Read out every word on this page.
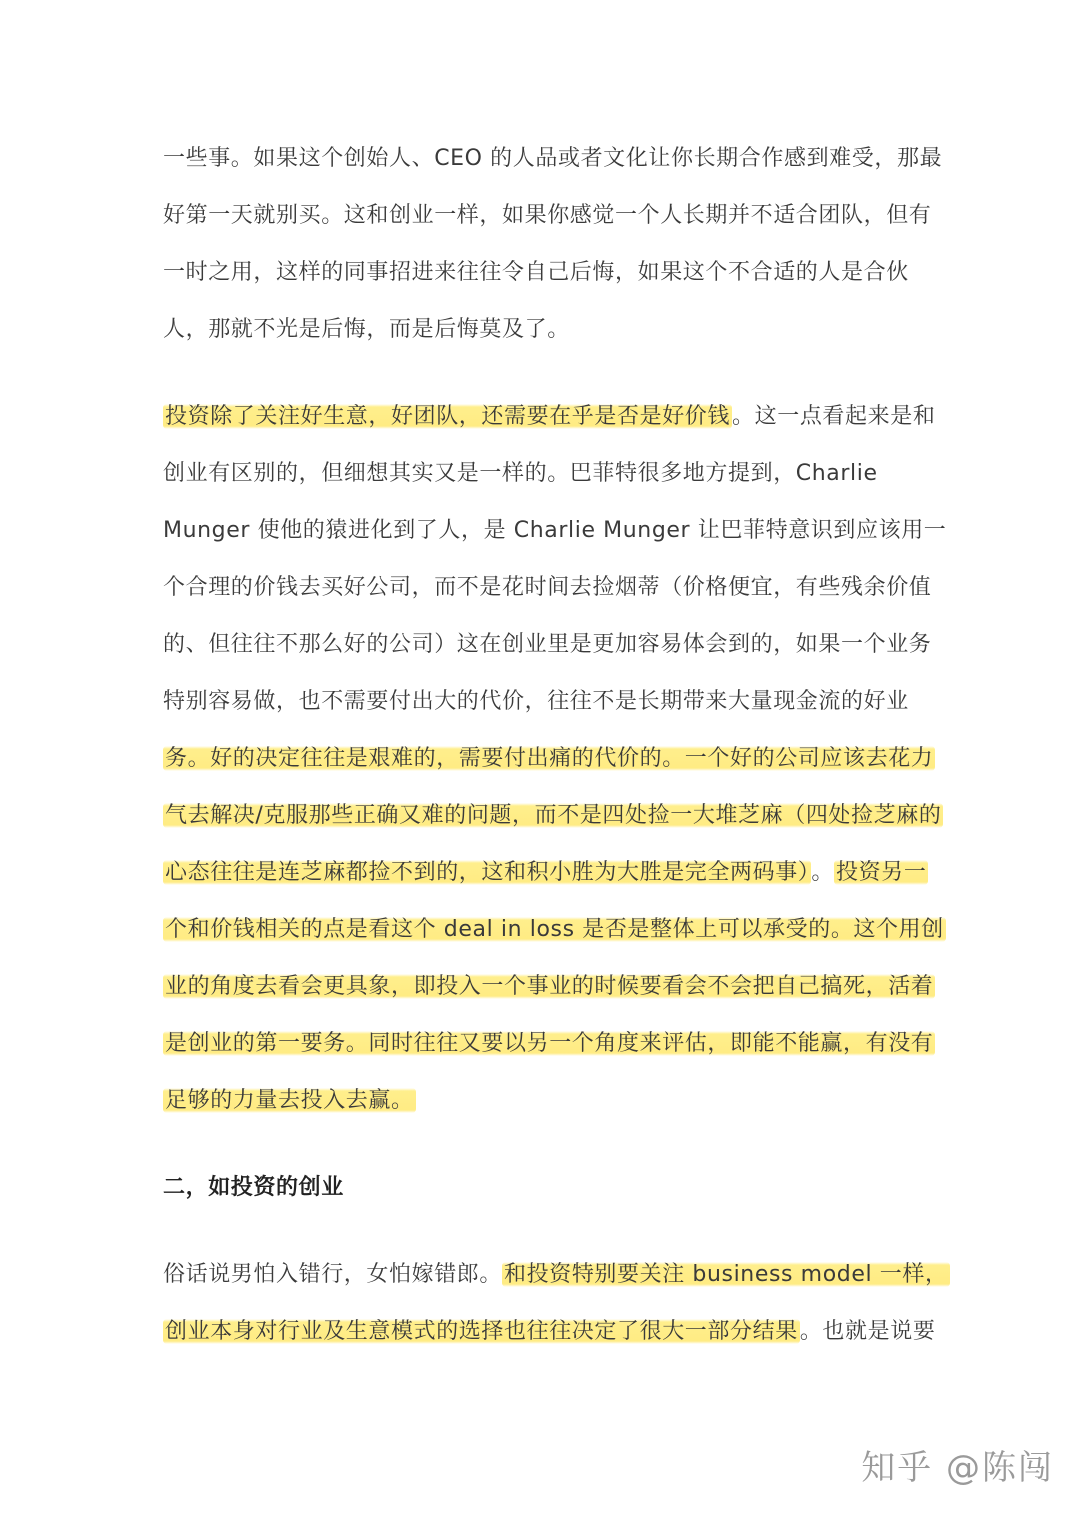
一些事。如果这个创始人、CEO 的人品或者文化让你长期合作感到难受，那最
好第一天就别买。这和创业一样，如果你感觉一个人长期并不适合团队，但有
一时之用，这样的同事招进来往往令自己后悔，如果这个不合适的人是合伙
人，那就不光是后悔，而是后悔莫及了。
投资除了关注好生意，好团队，还需要在乎是否是好价钱。这一点看起来是和
创业有区别的，但细想其实又是一样的。巴菲特很多地方提到，Charlie
Munger 使他的猿进化到了人，是 Charlie Munger 让巴菲特意识到应该用一
个合理的价钱去买好公司，而不是花时间去捡烟蒂（价格便宜，有些残余价值
的、但往往不那么好的公司）这在创业里是更加容易体会到的，如果一个业务
特别容易做，也不需要付出大的代价，往往不是长期带来大量现金流的好业
务。好的决定往往是艰难的，需要付出痛的代价的。一个好的公司应该去花力
气去解决/克服那些正确又难的问题，而不是四处捡一大堆芝麻（四处捡芝麻的
心态往往是连芝麻都捡不到的，这和积小胜为大胜是完全两码事）。投资另一
个和价钱相关的点是看这个 deal in loss 是否是整体上可以承受的。这个用创
业的角度去看会更具象，即投入一个事业的时候要看会不会把自己搞死，活着
是创业的第一要务。同时往往又要以另一个角度来评估，即能不能赢，有没有
足够的力量去投入去赢。
二，如投资的创业
俗话说男怕入错行，女怕嫁错郎。和投资特别要关注 business model 一样，
创业本身对行业及生意模式的选择也往往决定了很大一部分结果。也就是说要
知乎 @陈闯
